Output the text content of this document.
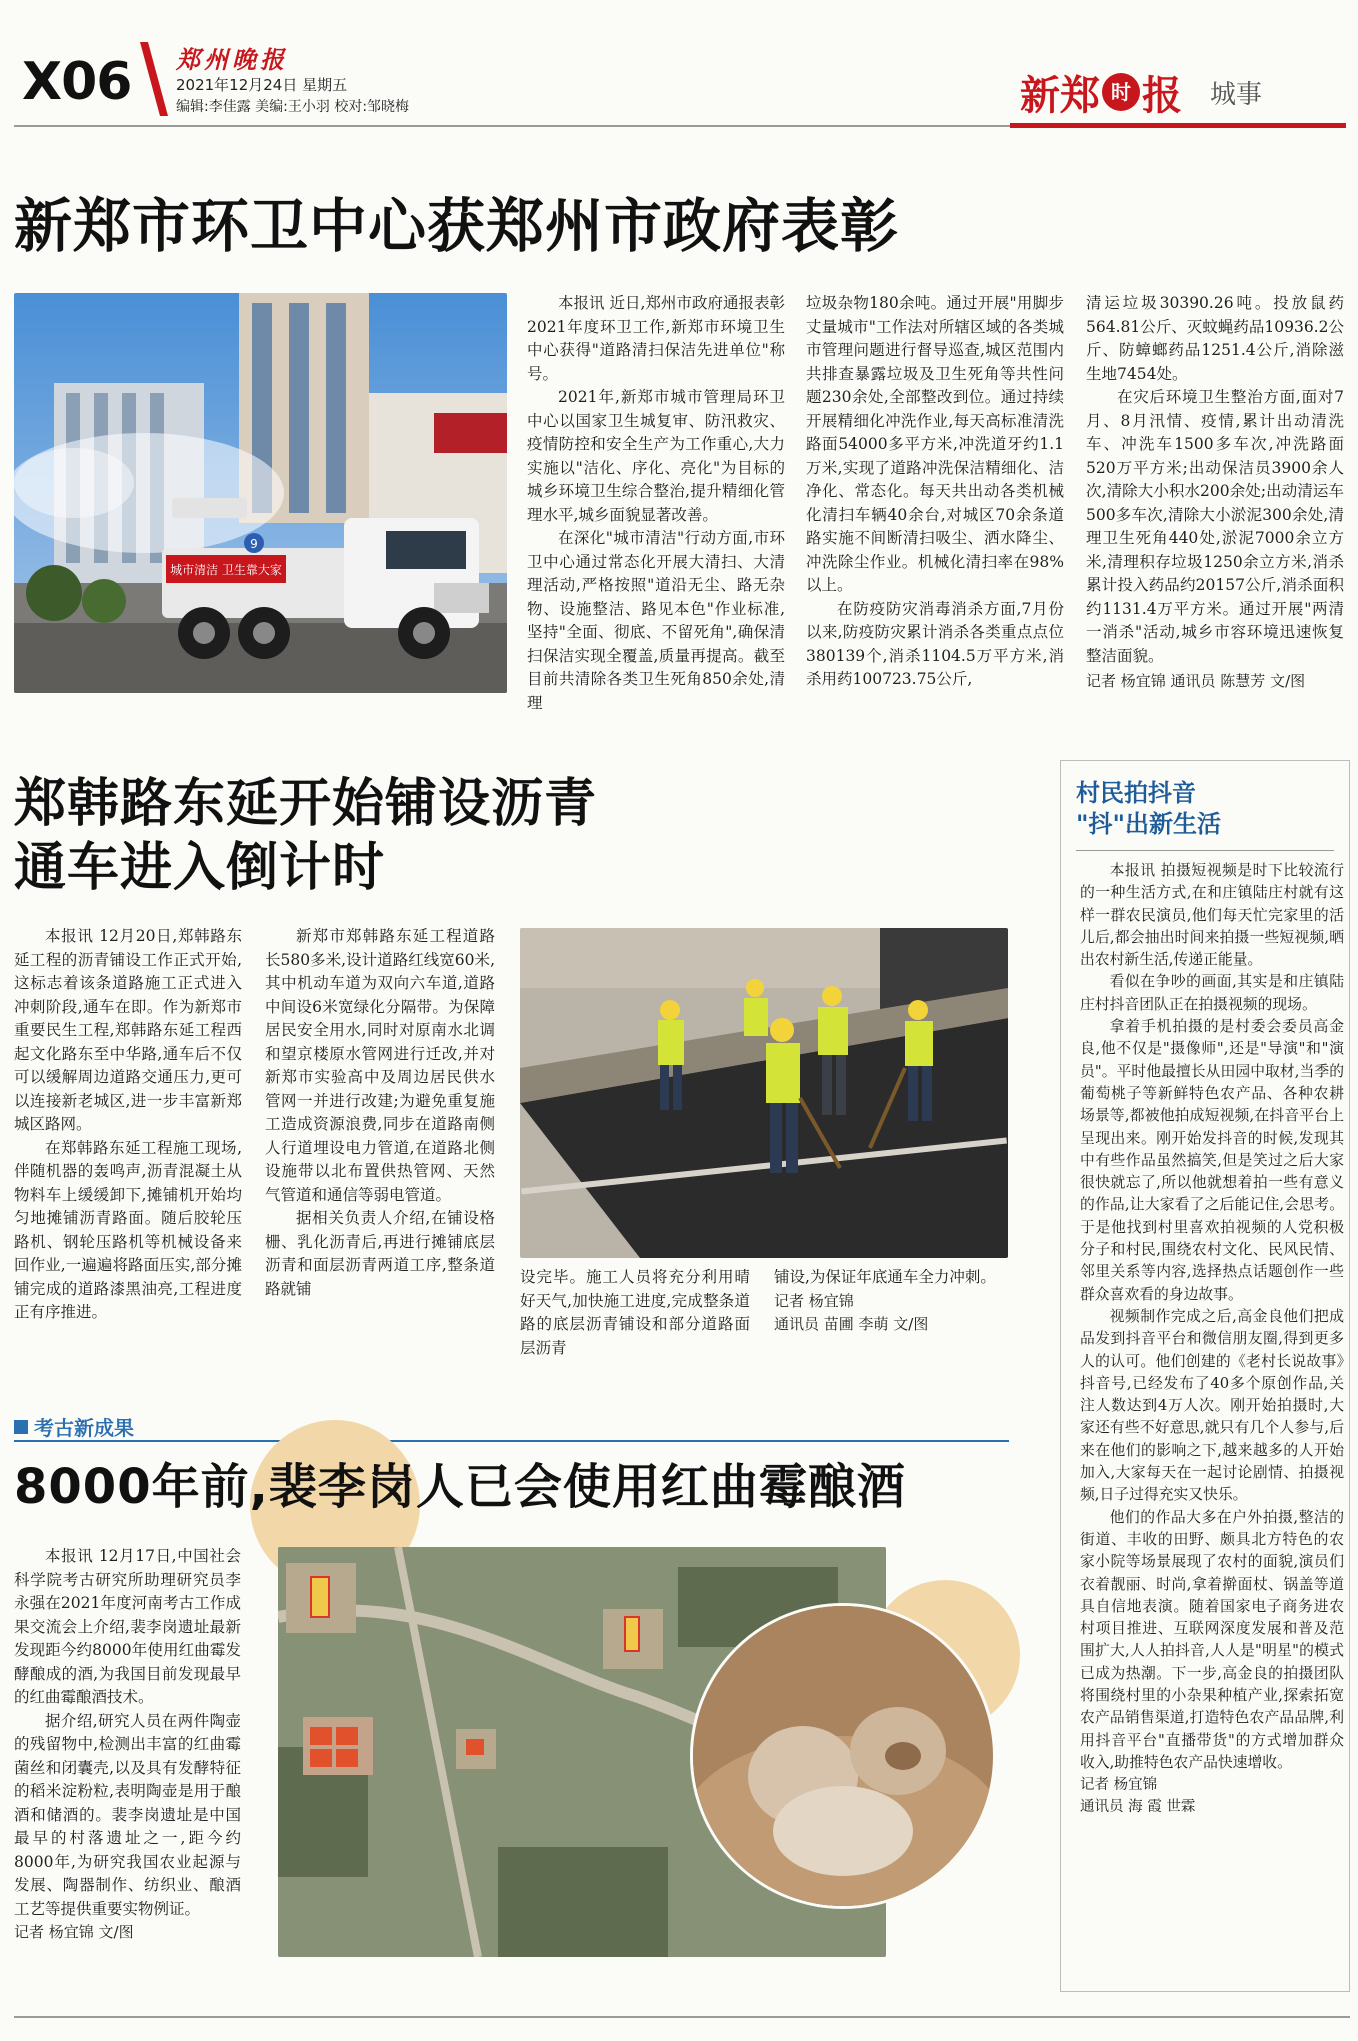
X06 郑州晚报
2021年12月24日 星期五
编辑:李佳露 美编:王小羽 校对:邹晓梅	新郑 时 报 城事
新郑市环卫中心获郑州市政府表彰
城市清洁 卫生靠大家
9

本报讯 近日,郑州市政府通报表彰2021年度环卫工作,新郑市环境卫生中心获得"道路清扫保洁先进单位"称号。

2021年,新郑市城市管理局环卫中心以国家卫生城复审、防汛救灾、疫情防控和安全生产为工作重心,大力实施以"洁化、序化、亮化"为目标的城乡环境卫生综合整治,提升精细化管理水平,城乡面貌显著改善。

在深化"城市清洁"行动方面,市环卫中心通过常态化开展大清扫、大清理活动,严格按照"道沿无尘、路无杂物、设施整洁、路见本色"作业标准,坚持"全面、彻底、不留死角",确保清扫保洁实现全覆盖,质量再提高。截至目前共清除各类卫生死角850余处,清理

垃圾杂物180余吨。通过开展"用脚步丈量城市"工作法对所辖区域的各类城市管理问题进行督导巡查,城区范围内共排查暴露垃圾及卫生死角等共性问题230余处,全部整改到位。通过持续开展精细化冲洗作业,每天高标准清洗路面54000多平方米,冲洗道牙约1.1万米,实现了道路冲洗保洁精细化、洁净化、常态化。每天共出动各类机械化清扫车辆40余台,对城区70余条道路实施不间断清扫吸尘、洒水降尘、冲洗除尘作业。机械化清扫率在98%以上。

在防疫防灾消毒消杀方面,7月份以来,防疫防灾累计消杀各类重点点位380139个,消杀1104.5万平方米,消杀用药100723.75公斤,

清运垃圾30390.26吨。投放鼠药564.81公斤、灭蚊蝇药品10936.2公斤、防蟑螂药品1251.4公斤,消除滋生地7454处。

在灾后环境卫生整治方面,面对7月、8月汛情、疫情,累计出动清洗车、冲洗车1500多车次,冲洗路面520万平方米;出动保洁员3900余人次,清除大小积水200余处;出动清运车500多车次,清除大小淤泥300余处,清理卫生死角440处,淤泥7000余立方米,清理积存垃圾1250余立方米,消杀累计投入药品约20157公斤,消杀面积约1131.4万平方米。通过开展"两清一消杀"活动,城乡市容环境迅速恢复整洁面貌。

记者 杨宜锦 通讯员 陈慧芳 文/图

郑韩路东延开始铺设沥青
通车进入倒计时

本报讯 12月20日,郑韩路东延工程的沥青铺设工作正式开始,这标志着该条道路施工正式进入冲刺阶段,通车在即。作为新郑市重要民生工程,郑韩路东延工程西起文化路东至中华路,通车后不仅可以缓解周边道路交通压力,更可以连接新老城区,进一步丰富新郑城区路网。

在郑韩路东延工程施工现场,伴随机器的轰鸣声,沥青混凝土从物料车上缓缓卸下,摊铺机开始均匀地摊铺沥青路面。随后胶轮压路机、钢轮压路机等机械设备来回作业,一遍遍将路面压实,部分摊铺完成的道路漆黑油亮,工程进度正有序推进。

新郑市郑韩路东延工程道路长580多米,设计道路红线宽60米,其中机动车道为双向六车道,道路中间设6米宽绿化分隔带。为保障居民安全用水,同时对原南水北调和望京楼原水管网进行迁改,并对新郑市实验高中及周边居民供水管网一并进行改建;为避免重复施工造成资源浪费,同步在道路南侧人行道埋设电力管道,在道路北侧设施带以北布置供热管网、天然气管道和通信等弱电管道。

据相关负责人介绍,在铺设格栅、乳化沥青后,再进行摊铺底层沥青和面层沥青两道工序,整条道路就铺

设完毕。施工人员将充分利用晴好天气,加快施工进度,完成整条道路的底层沥青铺设和部分道路面层沥青

铺设,为保证年底通车全力冲刺。

记者 杨宜锦

通讯员 苗圃 李萌 文/图

考古新成果
8000年前,裴李岗人已会使用红曲霉酿酒

本报讯 12月17日,中国社会科学院考古研究所助理研究员李永强在2021年度河南考古工作成果交流会上介绍,裴李岗遗址最新发现距今约8000年使用红曲霉发酵酿成的酒,为我国目前发现最早的红曲霉酿酒技术。

据介绍,研究人员在两件陶壶的残留物中,检测出丰富的红曲霉菌丝和闭囊壳,以及具有发酵特征的稻米淀粉粒,表明陶壶是用于酿酒和储酒的。裴李岗遗址是中国最早的村落遗址之一,距今约8000年,为研究我国农业起源与发展、陶器制作、纺织业、酿酒工艺等提供重要实物例证。

记者 杨宜锦 文/图

村民拍抖音
"抖"出新生活

本报讯 拍摄短视频是时下比较流行的一种生活方式,在和庄镇陆庄村就有这样一群农民演员,他们每天忙完家里的活儿后,都会抽出时间来拍摄一些短视频,晒出农村新生活,传递正能量。

看似在争吵的画面,其实是和庄镇陆庄村抖音团队正在拍摄视频的现场。

拿着手机拍摄的是村委会委员高金良,他不仅是"摄像师",还是"导演"和"演员"。平时他最擅长从田园中取材,当季的葡萄桃子等新鲜特色农产品、各种农耕场景等,都被他拍成短视频,在抖音平台上呈现出来。刚开始发抖音的时候,发现其中有些作品虽然搞笑,但是笑过之后大家很快就忘了,所以他就想着拍一些有意义的作品,让大家看了之后能记住,会思考。于是他找到村里喜欢拍视频的人党积极分子和村民,围绕农村文化、民风民情、邻里关系等内容,选择热点话题创作一些群众喜欢看的身边故事。

视频制作完成之后,高金良他们把成品发到抖音平台和微信朋友圈,得到更多人的认可。他们创建的《老村长说故事》抖音号,已经发布了40多个原创作品,关注人数达到4万人次。刚开始拍摄时,大家还有些不好意思,就只有几个人参与,后来在他们的影响之下,越来越多的人开始加入,大家每天在一起讨论剧情、拍摄视频,日子过得充实又快乐。

他们的作品大多在户外拍摄,整洁的街道、丰收的田野、颇具北方特色的农家小院等场景展现了农村的面貌,演员们衣着靓丽、时尚,拿着擀面杖、锅盖等道具自信地表演。随着国家电子商务进农村项目推进、互联网深度发展和普及范围扩大,人人拍抖音,人人是"明星"的模式已成为热潮。下一步,高金良的拍摄团队将围绕村里的小杂果种植产业,探索拓宽农产品销售渠道,打造特色农产品品牌,利用抖音平台"直播带货"的方式增加群众收入,助推特色农产品快速增收。

记者 杨宜锦

通讯员 海 霞 世霖
